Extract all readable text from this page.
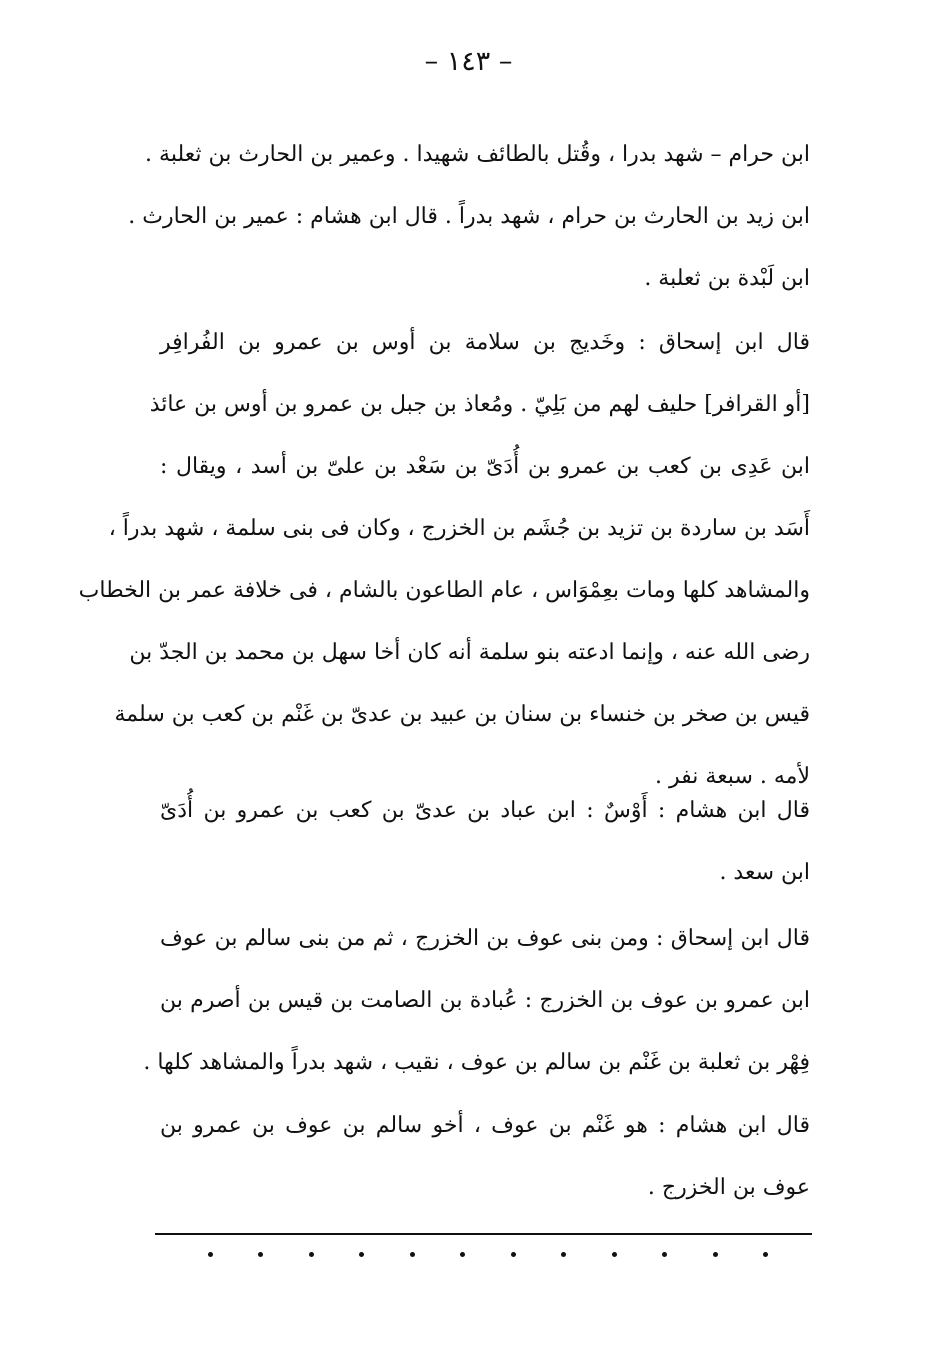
– ١٤٣ –

ابن حرام – شهد بدرا ، وقُتل بالطائف شهيدا . وعمير بن الحارث بن ثعلبة .

ابن زيد بن الحارث بن حرام ، شهد بدراً . قال ابن هشام : عمير بن الحارث .

ابن لَبْدة بن ثعلبة .

قال ابن إسحاق : وخَديج بن سلامة بن أوس بن عمرو بن الفُرافِر

[أو القرافر] حليف لهم من بَلِيّ . ومُعاذ بن جبل بن عمرو بن أوس بن عائذ

ابن عَدِى بن كعب بن عمرو بن أُدَىّ بن سَعْد بن علىّ بن أسد ، ويقال :

أَسَد بن ساردة بن تزيد بن جُشَم بن الخزرج ، وكان فى بنى سلمة ، شهد بدراً ،

والمشاهد كلها ومات بعِمْوَاس ، عام الطاعون بالشام ، فى خلافة عمر بن الخطاب

رضى الله عنه ، وإنما ادعته بنو سلمة أنه كان أخا سهل بن محمد بن الجدّ بن

قيس بن صخر بن خنساء بن سنان بن عبيد بن عدىّ بن غَنْم بن كعب بن سلمة

لأمه . سبعة نفر .

قال ابن هشام : أَوْسٌ : ابن عباد بن عدىّ بن كعب بن عمرو بن أُدَىّ

ابن سعد .

قال ابن إسحاق : ومن بنى عوف بن الخزرج ، ثم من بنى سالم بن عوف

ابن عمرو بن عوف بن الخزرج : عُبادة بن الصامت بن قيس بن أصرم بن

فِهْر بن ثعلبة بن غَنْم بن سالم بن عوف ، نقيب ، شهد بدراً والمشاهد كلها .

قال ابن هشام : هو غَنْم بن عوف ، أخو سالم بن عوف بن عمرو بن

عوف بن الخزرج .
